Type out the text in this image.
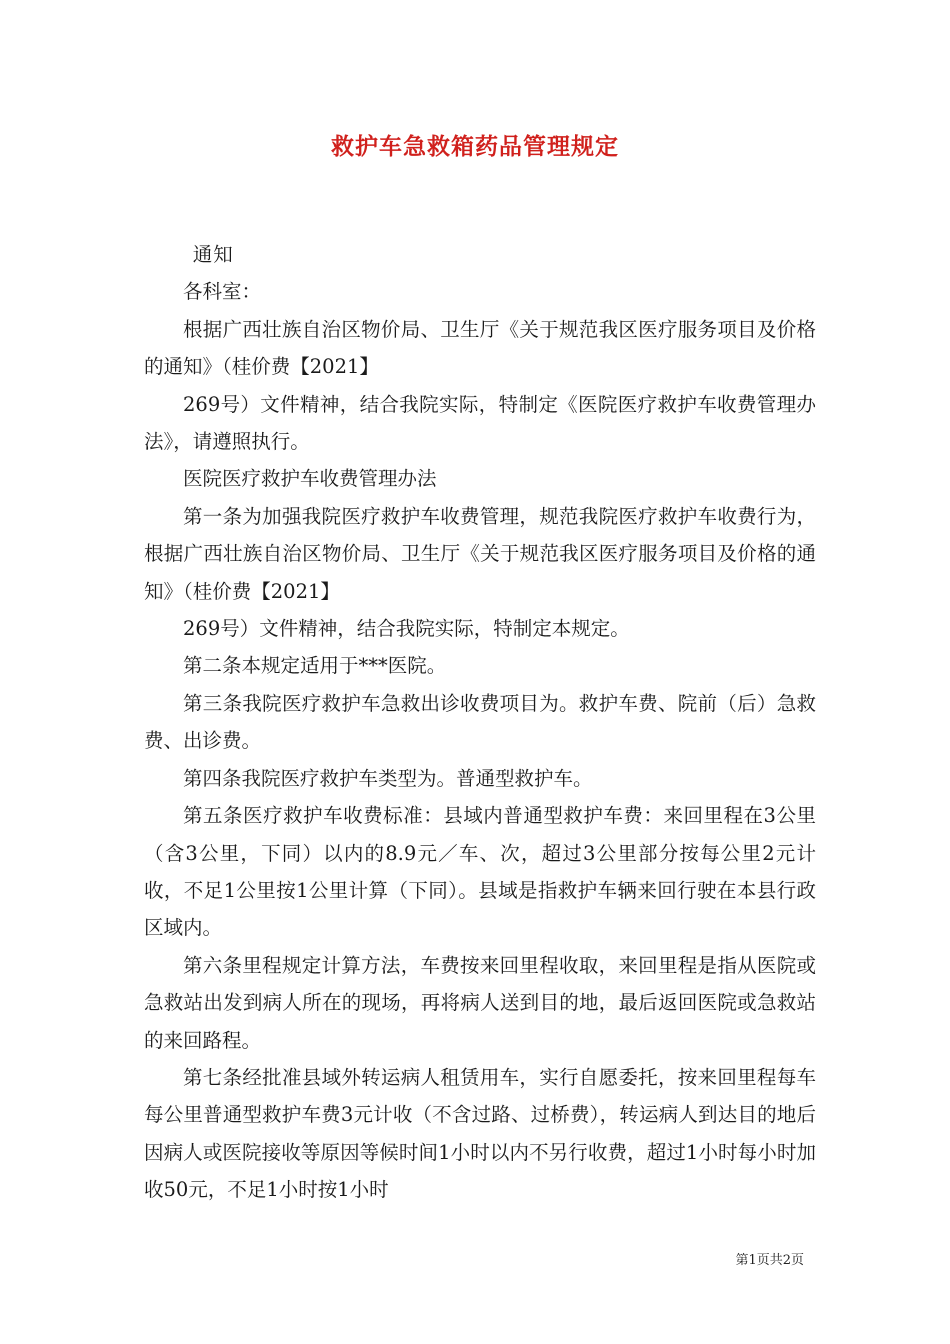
救护车急救箱药品管理规定

通知

各科室：

根据广西壮族自治区物价局、卫生厅《关于规范我区医疗服务项目及价格的通知》（桂价费【2021】

269号）文件精神，结合我院实际，特制定《医院医疗救护车收费管理办法》，请遵照执行。

医院医疗救护车收费管理办法

第一条为加强我院医疗救护车收费管理，规范我院医疗救护车收费行为，根据广西壮族自治区物价局、卫生厅《关于规范我区医疗服务项目及价格的通知》（桂价费【2021】

269号）文件精神，结合我院实际，特制定本规定。

第二条本规定适用于***医院。

第三条我院医疗救护车急救出诊收费项目为。救护车费、院前（后）急救费、出诊费。

第四条我院医疗救护车类型为。普通型救护车。

第五条医疗救护车收费标准：县域内普通型救护车费：来回里程在3公里（含3公里，下同）以内的8.9元／车、次，超过3公里部分按每公里2元计收，不足1公里按1公里计算（下同）。县域是指救护车辆来回行驶在本县行政区域内。

第六条里程规定计算方法，车费按来回里程收取，来回里程是指从医院或急救站出发到病人所在的现场，再将病人送到目的地，最后返回医院或急救站的来回路程。

第七条经批准县域外转运病人租赁用车，实行自愿委托，按来回里程每车每公里普通型救护车费3元计收（不含过路、过桥费），转运病人到达目的地后因病人或医院接收等原因等候时间1小时以内不另行收费，超过1小时每小时加收50元，不足1小时按1小时

第1页共2页
